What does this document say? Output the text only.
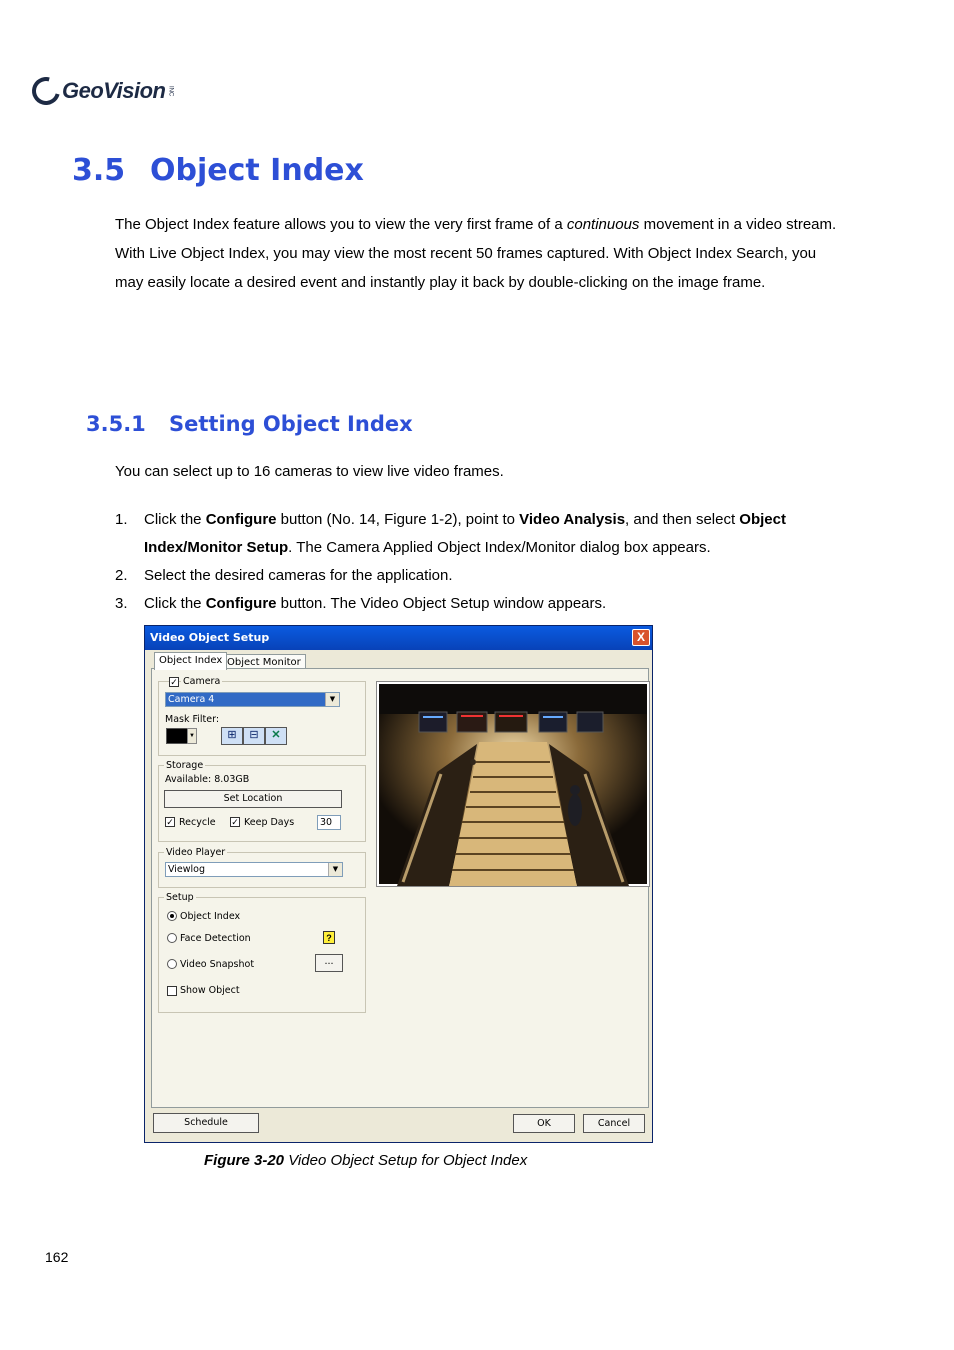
GeoVision INC
3.5 Object Index
The Object Index feature allows you to view the very first frame of a continuous movement in a video stream. With Live Object Index, you may view the most recent 50 frames captured. With Object Index Search, you may easily locate a desired event and instantly play it back by double-clicking on the image frame.
3.5.1 Setting Object Index
You can select up to 16 cameras to view live video frames.
1.	Click the Configure button (No. 14, Figure 1-2), point to Video Analysis, and then select Object Index/Monitor Setup. The Camera Applied Object Index/Monitor dialog box appears.
2.	Select the desired cameras for the application.
3.	Click the Configure button. The Video Object Setup window appears.
Video Object Setup	X
Object Index Object Monitor
✓ Camera
Camera 4	▼
Mask Filter:
▼	⊞	⊟	✕
Storage
Available: 8.03GB
Set Location
✓ Recycle ✓ Keep Days	30
Video Player
Viewlog	▼
Setup
Object Index
Face Detection	?
Video Snapshot	...
Show Object
Schedule	OK	Cancel
Figure 3-20 Video Object Setup for Object Index
162
